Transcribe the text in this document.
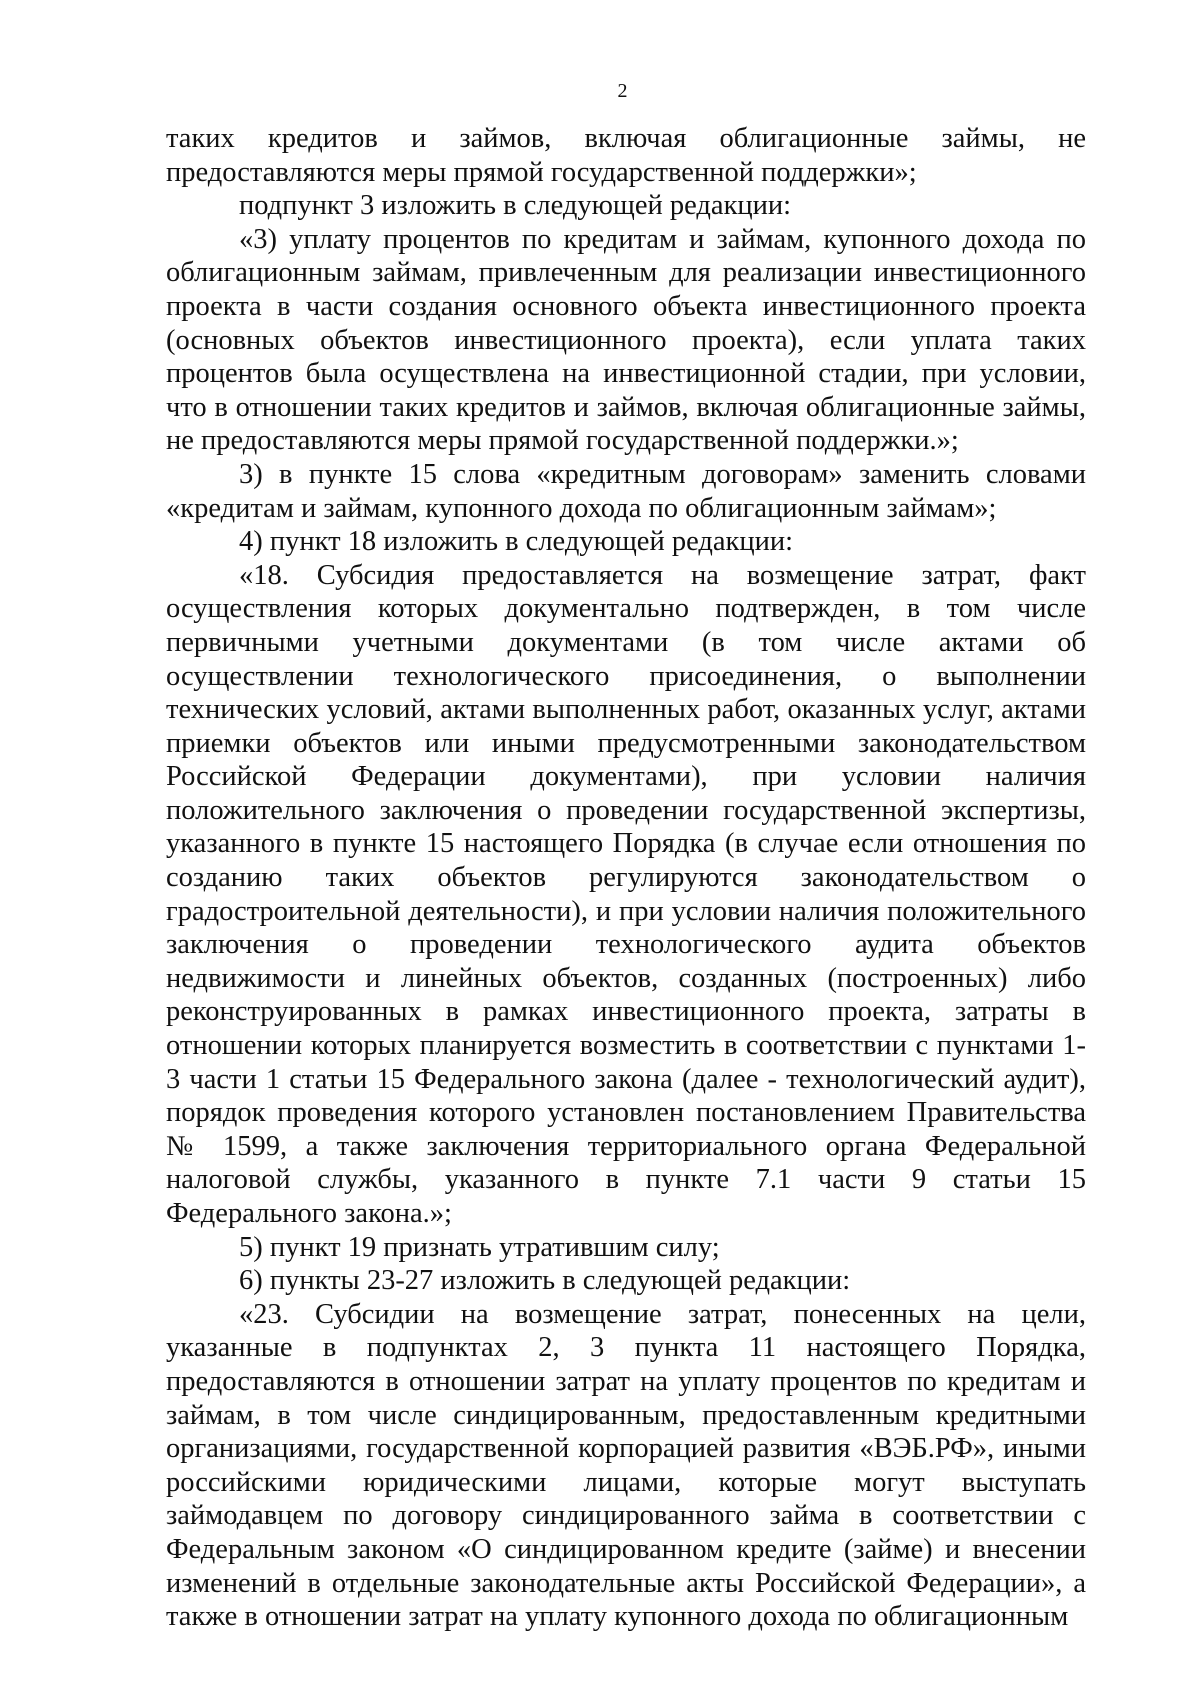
2

таких кредитов и займов, включая облигационные займы, не предоставляются меры прямой государственной поддержки»;

подпункт 3 изложить в следующей редакции:

«3) уплату процентов по кредитам и займам, купонного дохода по облигационным займам, привлеченным для реализации инвестиционного проекта в части создания основного объекта инвестиционного проекта (основных объектов инвестиционного проекта), если уплата таких процентов была осуществлена на инвестиционной стадии, при условии, что в отношении таких кредитов и займов, включая облигационные займы, не предоставляются меры прямой государственной поддержки.»;

3) в пункте 15 слова «кредитным договорам» заменить словами «кредитам и займам, купонного дохода по облигационным займам»;

4) пункт 18 изложить в следующей редакции:

«18. Субсидия предоставляется на возмещение затрат, факт осуществления которых документально подтвержден, в том числе первичными учетными документами (в том числе актами об осуществлении технологического присоединения, о выполнении технических условий, актами выполненных работ, оказанных услуг, актами приемки объектов или иными предусмотренными законодательством Российской Федерации документами), при условии наличия положительного заключения о проведении государственной экспертизы, указанного в пункте 15 настоящего Порядка (в случае если отношения по созданию таких объектов регулируются законодательством о градостроительной деятельности), и при условии наличия положительного заключения о проведении технологического аудита объектов недвижимости и линейных объектов, созданных (построенных) либо реконструированных в рамках инвестиционного проекта, затраты в отношении которых планируется возместить в соответствии с пунктами 1-3 части 1 статьи 15 Федерального закона (далее - технологический аудит), порядок проведения которого установлен постановлением Правительства № 1599, а также заключения территориального органа Федеральной налоговой службы, указанного в пункте 7.1 части 9 статьи 15 Федерального закона.»;

5) пункт 19 признать утратившим силу;

6) пункты 23-27 изложить в следующей редакции:

«23. Субсидии на возмещение затрат, понесенных на цели, указанные в подпунктах 2, 3 пункта 11 настоящего Порядка, предоставляются в отношении затрат на уплату процентов по кредитам и займам, в том числе синдицированным, предоставленным кредитными организациями, государственной корпорацией развития «ВЭБ.РФ», иными российскими юридическими лицами, которые могут выступать займодавцем по договору синдицированного займа в соответствии с Федеральным законом «О синдицированном кредите (займе) и внесении изменений в отдельные законодательные акты Российской Федерации», а также в отношении затрат на уплату купонного дохода по облигационным
